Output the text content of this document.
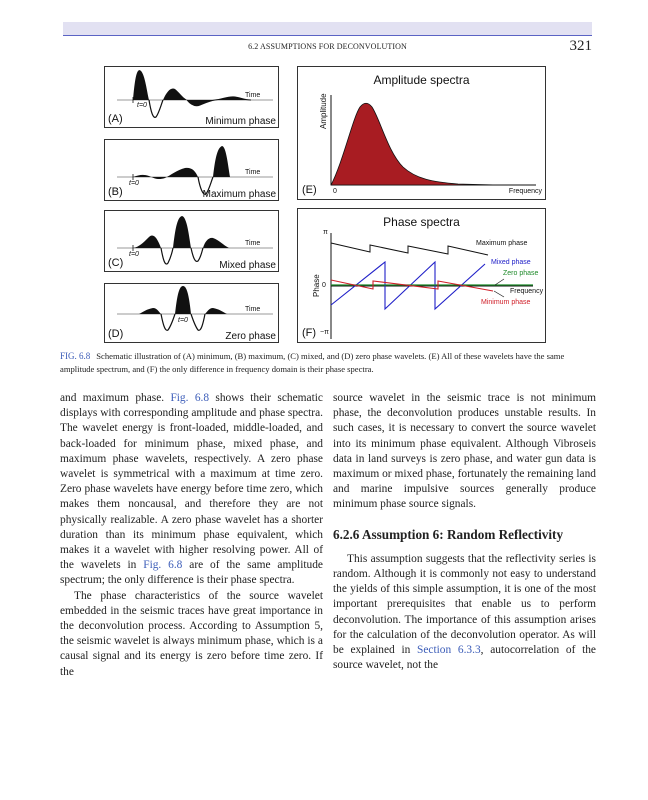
6.2 ASSUMPTIONS FOR DECONVOLUTION	321
t=0
Time
(A)	Minimum phase
t=0
Time
(B)	Maximum phase
t=0
Time
(C)	Mixed phase
t=0
Time
(D)	Zero phase
Amplitude spectra
Amplitude
0	Frequency
(E)
Phase spectra
π
0
−π
Phase
Maximum phase
Mixed phase
Zero phase
Frequency
Minimum phase
(F)
FIG. 6.8 Schematic illustration of (A) minimum, (B) maximum, (C) mixed, and (D) zero phase wavelets. (E) All of these wavelets have the same amplitude spectrum, and (F) the only difference in frequency domain is their phase spectra.

and maximum phase. Fig. 6.8 shows their schematic displays with corresponding amplitude and phase spectra. The wavelet energy is front-loaded, middle-loaded, and back-loaded for minimum phase, mixed phase, and maximum phase wavelets, respectively. A zero phase wavelet is symmetrical with a maximum at time zero. Zero phase wavelets have energy before time zero, which makes them noncausal, and therefore they are not physically realizable. A zero phase wavelet has a shorter duration than its minimum phase equivalent, which makes it a wavelet with higher resolving power. All of the wavelets in Fig. 6.8 are of the same amplitude spectrum; the only difference is their phase spectra.

The phase characteristics of the source wavelet embedded in the seismic traces have great importance in the deconvolution process. According to Assumption 5, the seismic wavelet is always minimum phase, which is a causal signal and its energy is zero before time zero. If the

source wavelet in the seismic trace is not minimum phase, the deconvolution produces unstable results. In such cases, it is necessary to convert the source wavelet into its minimum phase equivalent. Although Vibroseis data in land surveys is zero phase, and water gun data is maximum or mixed phase, fortunately the remaining land and marine impulsive sources generally produce minimum phase source signals.

6.2.6 Assumption 6: Random Reflectivity

This assumption suggests that the reflectivity series is random. Although it is commonly not easy to understand the yields of this simple assumption, it is one of the most important prerequisites that enable us to perform deconvolution. The importance of this assumption arises for the calculation of the deconvolution operator. As will be explained in Section 6.3.3, autocorrelation of the source wavelet, not the
